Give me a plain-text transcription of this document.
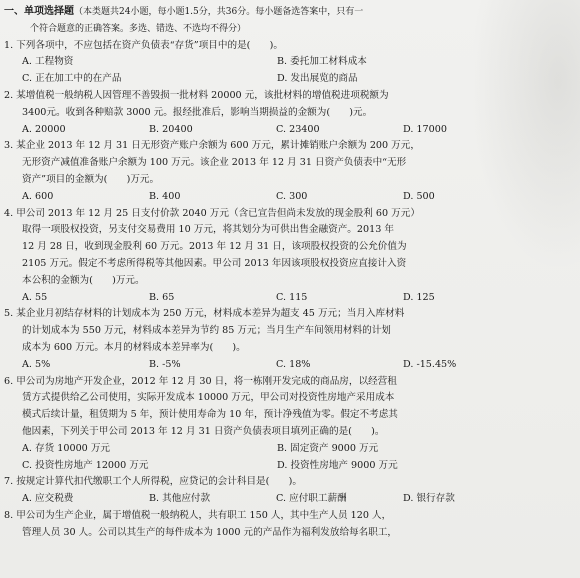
一、单项选择题（本类题共24小题，每小题1.5分，共36分。每小题备选答案中，只有一
个符合题意的正确答案。多选、错选、不选均不得分）
1. 下列各项中，不应包括在资产负债表“存货”项目中的是(　　)。
A. 工程物资	B. 委托加工材料成本
C. 正在加工中的在产品	D. 发出展览的商品
2. 某增值税一般纳税人因管理不善毁损一批材料 20000 元，该批材料的增值税进项税额为
3400元。收到各种赔款 3000 元。报经批准后，影响当期损益的金额为(　　)元。
A. 20000	B. 20400	C. 23400	D. 17000
3. 某企业 2013 年 12 月 31 日无形资产账户余额为 600 万元，累计摊销账户余额为 200 万元，
无形资产减值准备账户余额为 100 万元。该企业 2013 年 12 月 31 日资产负债表中“无形
资产”项目的金额为(　　)万元。
A. 600	B. 400	C. 300	D. 500
4. 甲公司 2013 年 12 月 25 日支付价款 2040 万元（含已宣告但尚未发放的现金股利 60 万元）
取得一项股权投资，另支付交易费用 10 万元，将其划分为可供出售金融资产。2013 年
12 月 28 日，收到现金股利 60 万元。2013 年 12 月 31 日，该项股权投资的公允价值为
2105 万元。假定不考虑所得税等其他因素。甲公司 2013 年因该项股权投资应直接计入资
本公积的金额为(　　)万元。
A. 55	B. 65	C. 115	D. 125
5. 某企业月初结存材料的计划成本为 250 万元，材料成本差异为超支 45 万元；当月入库材料
的计划成本为 550 万元，材料成本差异为节约 85 万元；当月生产车间领用材料的计划
成本为 600 万元。本月的材料成本差异率为(　　)。
A. 5%	B. -5%	C. 18%	D. -15.45%
6. 甲公司为房地产开发企业，2012 年 12 月 30 日，将一栋刚开发完成的商品房，以经营租
赁方式提供给乙公司使用，实际开发成本 10000 万元，甲公司对投资性房地产采用成本
模式后续计量，租赁期为 5 年，预计使用寿命为 10 年，预计净残值为零。假定不考虑其
他因素，下列关于甲公司 2013 年 12 月 31 日资产负债表项目填列正确的是(　　)。
A. 存货 10000 万元	B. 固定资产 9000 万元
C. 投资性房地产 12000 万元	D. 投资性房地产 9000 万元
7. 按规定计算代扣代缴职工个人所得税，应贷记的会计科目是(　　)。
A. 应交税费	B. 其他应付款	C. 应付职工薪酬	D. 银行存款
8. 甲公司为生产企业，属于增值税一般纳税人，共有职工 150 人，其中生产人员 120 人，
管理人员 30 人。公司以其生产的每件成本为 1000 元的产品作为福利发放给每名职工，
